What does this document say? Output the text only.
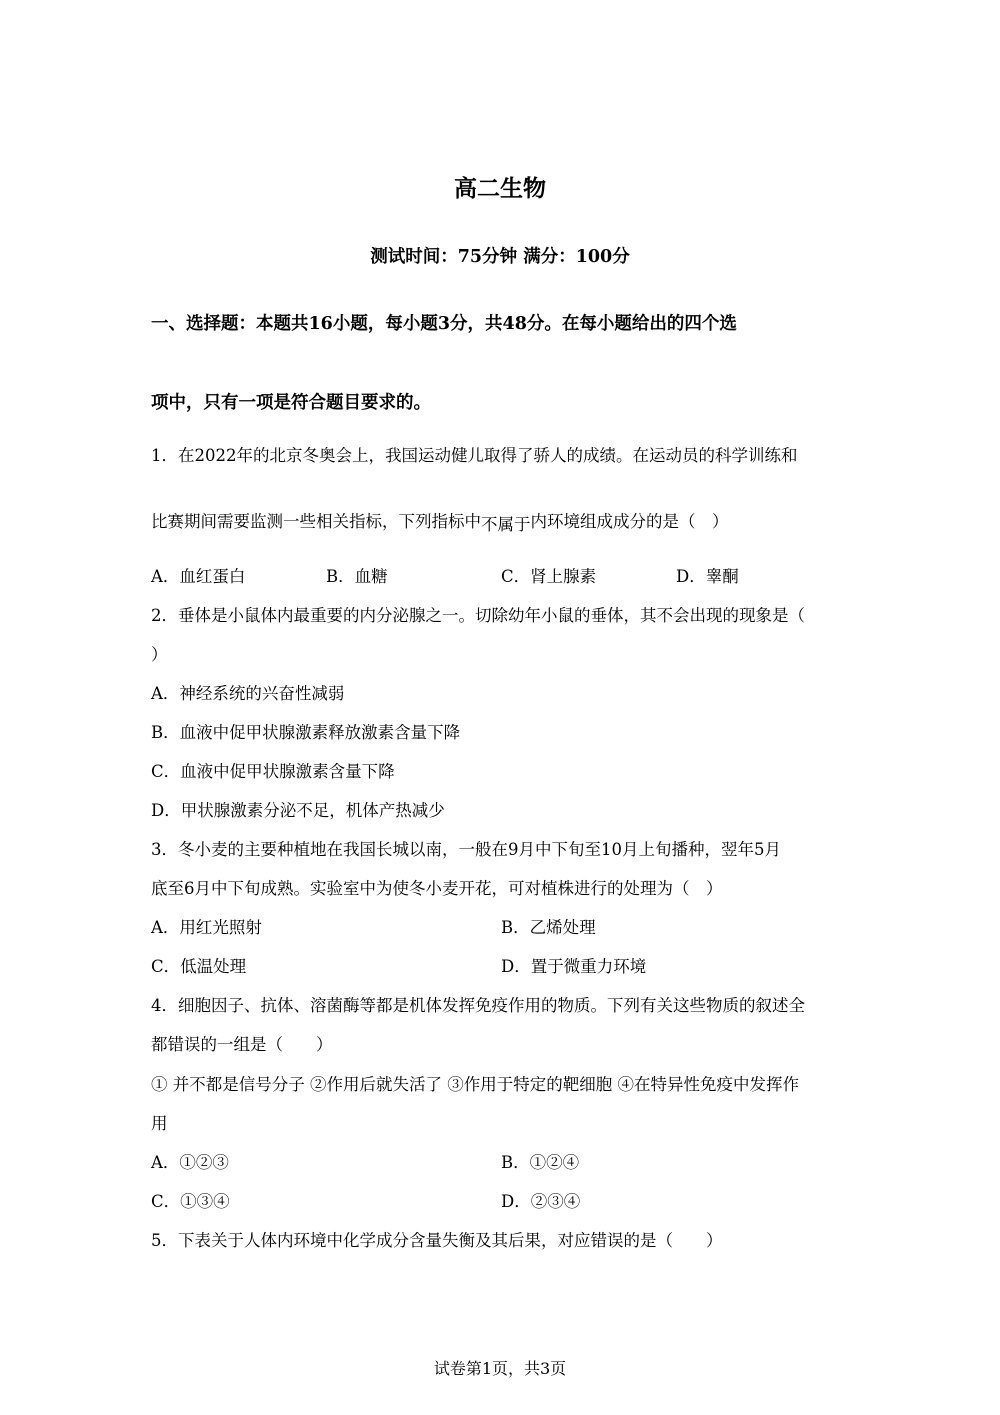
高二生物
测试时间：75分钟 满分：100分
一、选择题：本题共16小题，每小题3分，共48分。在每小题给出的四个选
项中，只有一项是符合题目要求的。
1．在2022年的北京冬奥会上，我国运动健儿取得了骄人的成绩。在运动员的科学训练和
比赛期间需要监测一些相关指标，下列指标中不属于内环境组成成分的是（　）
A．血红蛋白	B．血糖	C．肾上腺素	D．睾酮
2．垂体是小鼠体内最重要的内分泌腺之一。切除幼年小鼠的垂体，其不会出现的现象是（
）
A．神经系统的兴奋性减弱
B．血液中促甲状腺激素释放激素含量下降
C．血液中促甲状腺激素含量下降
D．甲状腺激素分泌不足，机体产热减少
3．冬小麦的主要种植地在我国长城以南，一般在9月中下旬至10月上旬播种，翌年5月
底至6月中下旬成熟。实验室中为使冬小麦开花，可对植株进行的处理为（　）
A．用红光照射	B．乙烯处理
C．低温处理	D．置于微重力环境
4．细胞因子、抗体、溶菌酶等都是机体发挥免疫作用的物质。下列有关这些物质的叙述全
都错误的一组是（　　）
① 并不都是信号分子 ②作用后就失活了 ③作用于特定的靶细胞 ④在特异性免疫中发挥作
用
A．①②③	B．①②④
C．①③④	D．②③④
5．下表关于人体内环境中化学成分含量失衡及其后果，对应错误的是（　　）
试卷第1页，共3页
